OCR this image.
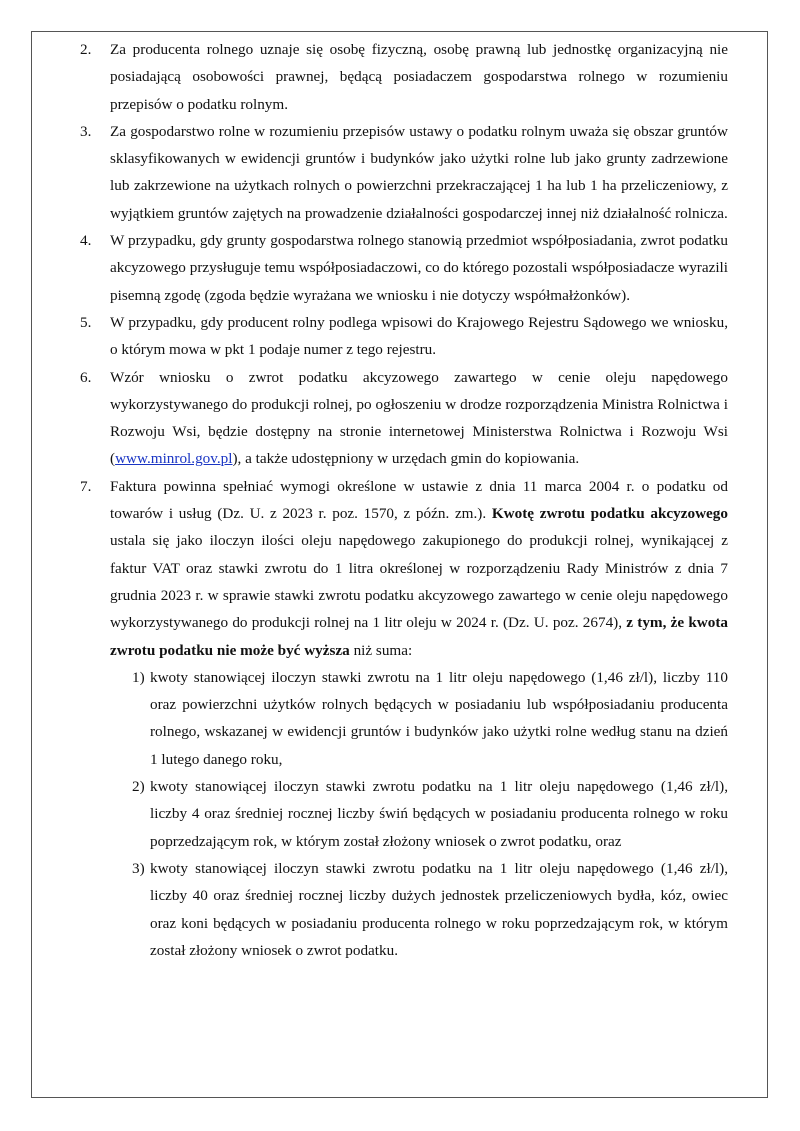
2. Za producenta rolnego uznaje się osobę fizyczną, osobę prawną lub jednostkę organizacyjną nie posiadającą osobowości prawnej, będącą posiadaczem gospodarstwa rolnego w rozumieniu przepisów o podatku rolnym.
3. Za gospodarstwo rolne w rozumieniu przepisów ustawy o podatku rolnym uważa się obszar gruntów sklasyfikowanych w ewidencji gruntów i budynków jako użytki rolne lub jako grunty zadrzewione lub zakrzewione na użytkach rolnych o powierzchni przekraczającej 1 ha lub 1 ha przeliczeniowy, z wyjątkiem gruntów zajętych na prowadzenie działalności gospodarczej innej niż działalność rolnicza.
4. W przypadku, gdy grunty gospodarstwa rolnego stanowią przedmiot współposiadania, zwrot podatku akcyzowego przysługuje temu współposiadaczowi, co do którego pozostali współposiadacze wyrazili pisemną zgodę (zgoda będzie wyrażana we wniosku i nie dotyczy współmałżonków).
5. W przypadku, gdy producent rolny podlega wpisowi do Krajowego Rejestru Sądowego we wniosku, o którym mowa w pkt 1 podaje numer z tego rejestru.
6. Wzór wniosku o zwrot podatku akcyzowego zawartego w cenie oleju napędowego wykorzystywanego do produkcji rolnej, po ogłoszeniu w drodze rozporządzenia Ministra Rolnictwa i Rozwoju Wsi, będzie dostępny na stronie internetowej Ministerstwa Rolnictwa i Rozwoju Wsi (www.minrol.gov.pl), a także udostępniony w urzędach gmin do kopiowania.
7. Faktura powinna spełniać wymogi określone w ustawie z dnia 11 marca 2004 r. o podatku od towarów i usług (Dz. U. z 2023 r. poz. 1570, z późn. zm.). Kwotę zwrotu podatku akcyzowego ustala się jako iloczyn ilości oleju napędowego zakupionego do produkcji rolnej, wynikającej z faktur VAT oraz stawki zwrotu do 1 litra określonej w rozporządzeniu Rady Ministrów z dnia 7 grudnia 2023 r. w sprawie stawki zwrotu podatku akcyzowego zawartego w cenie oleju napędowego wykorzystywanego do produkcji rolnej na 1 litr oleju w 2024 r. (Dz. U. poz. 2674), z tym, że kwota zwrotu podatku nie może być wyższa niż suma:
1) kwoty stanowiącej iloczyn stawki zwrotu na 1 litr oleju napędowego (1,46 zł/l), liczby 110 oraz powierzchni użytków rolnych będących w posiadaniu lub współposiadaniu producenta rolnego, wskazanej w ewidencji gruntów i budynków jako użytki rolne według stanu na dzień 1 lutego danego roku,
2) kwoty stanowiącej iloczyn stawki zwrotu podatku na 1 litr oleju napędowego (1,46 zł/l), liczby 4 oraz średniej rocznej liczby świń będących w posiadaniu producenta rolnego w roku poprzedzającym rok, w którym został złożony wniosek o zwrot podatku, oraz
3) kwoty stanowiącej iloczyn stawki zwrotu podatku na 1 litr oleju napędowego (1,46 zł/l), liczby 40 oraz średniej rocznej liczby dużych jednostek przeliczeniowych bydła, kóz, owiec oraz koni będących w posiadaniu producenta rolnego w roku poprzedzającym rok, w którym został złożony wniosek o zwrot podatku.
